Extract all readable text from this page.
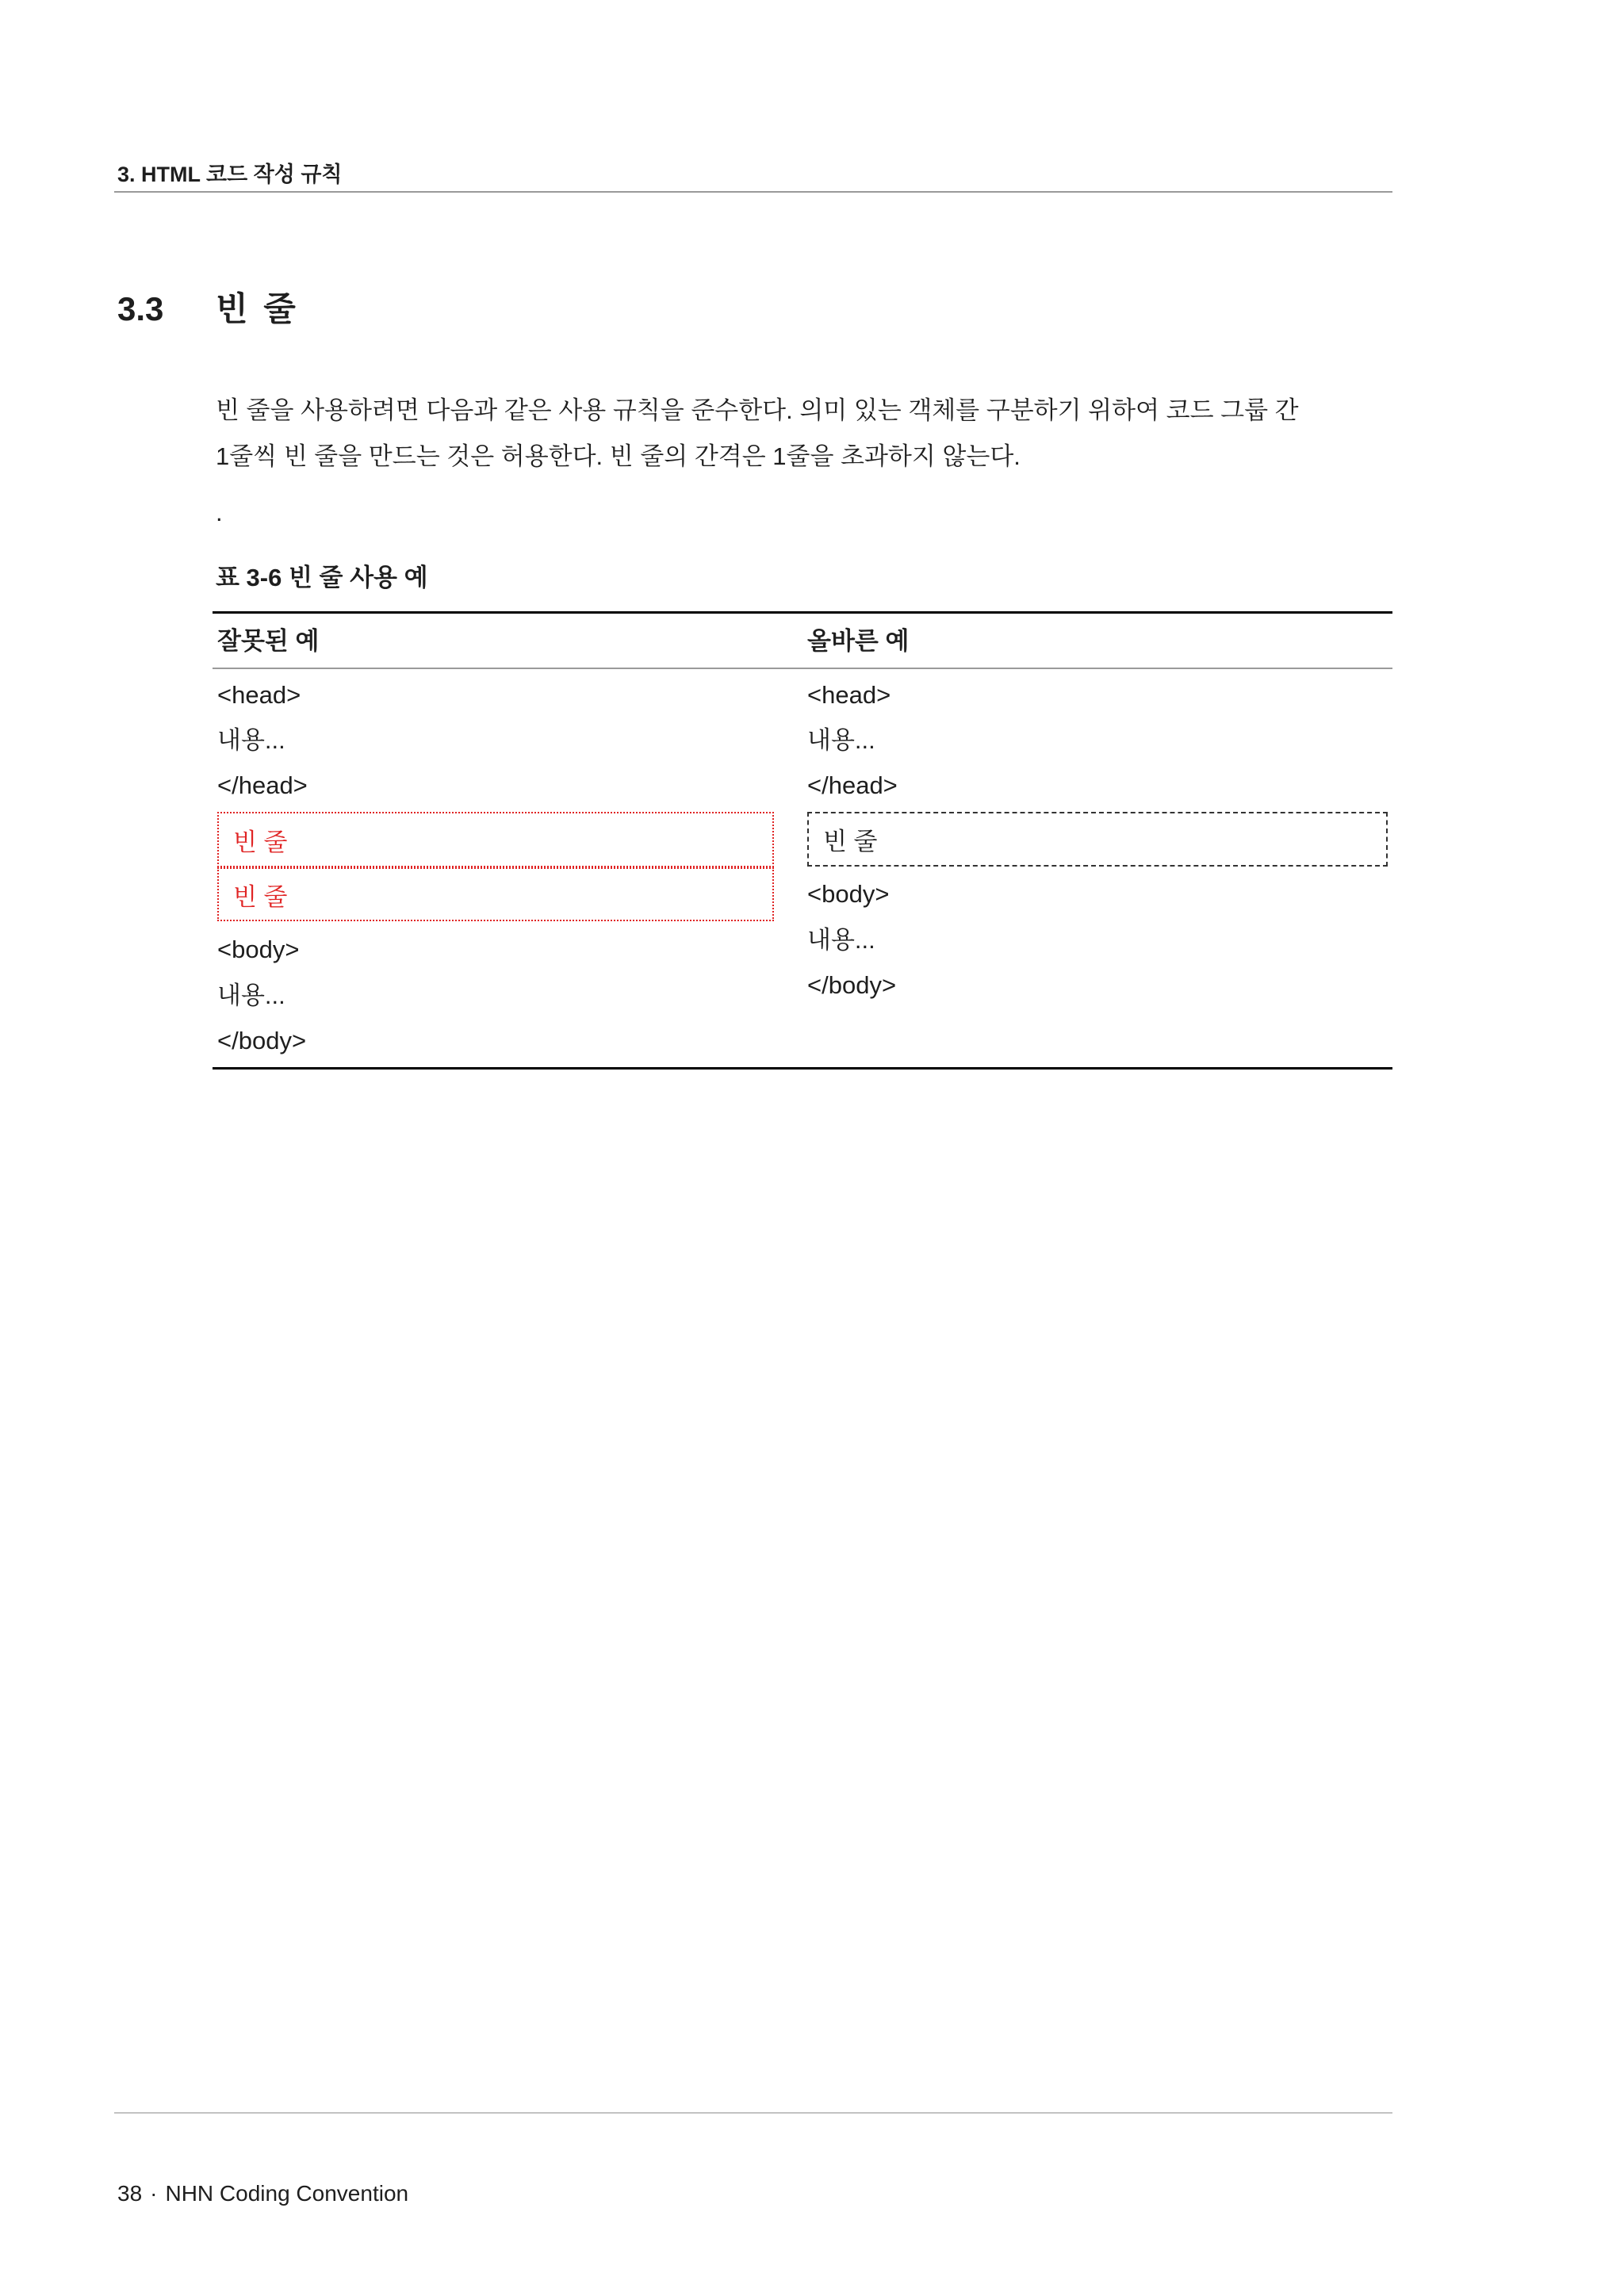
3. HTML 코드 작성 규칙
3.3 빈 줄
빈 줄을 사용하려면 다음과 같은 사용 규칙을 준수한다. 의미 있는 객체를 구분하기 위하여 코드 그룹 간
1줄씩 빈 줄을 만드는 것은 허용한다. 빈 줄의 간격은 1줄을 초과하지 않는다.
.
표 3-6 빈 줄 사용 예
잘못된 예	올바른 예
<head>
내용...
</head>
빈 줄
빈 줄
<body>
내용...
</body>
<head>
내용...
</head>
빈 줄
<body>
내용...
</body>
38 · NHN Coding Convention
